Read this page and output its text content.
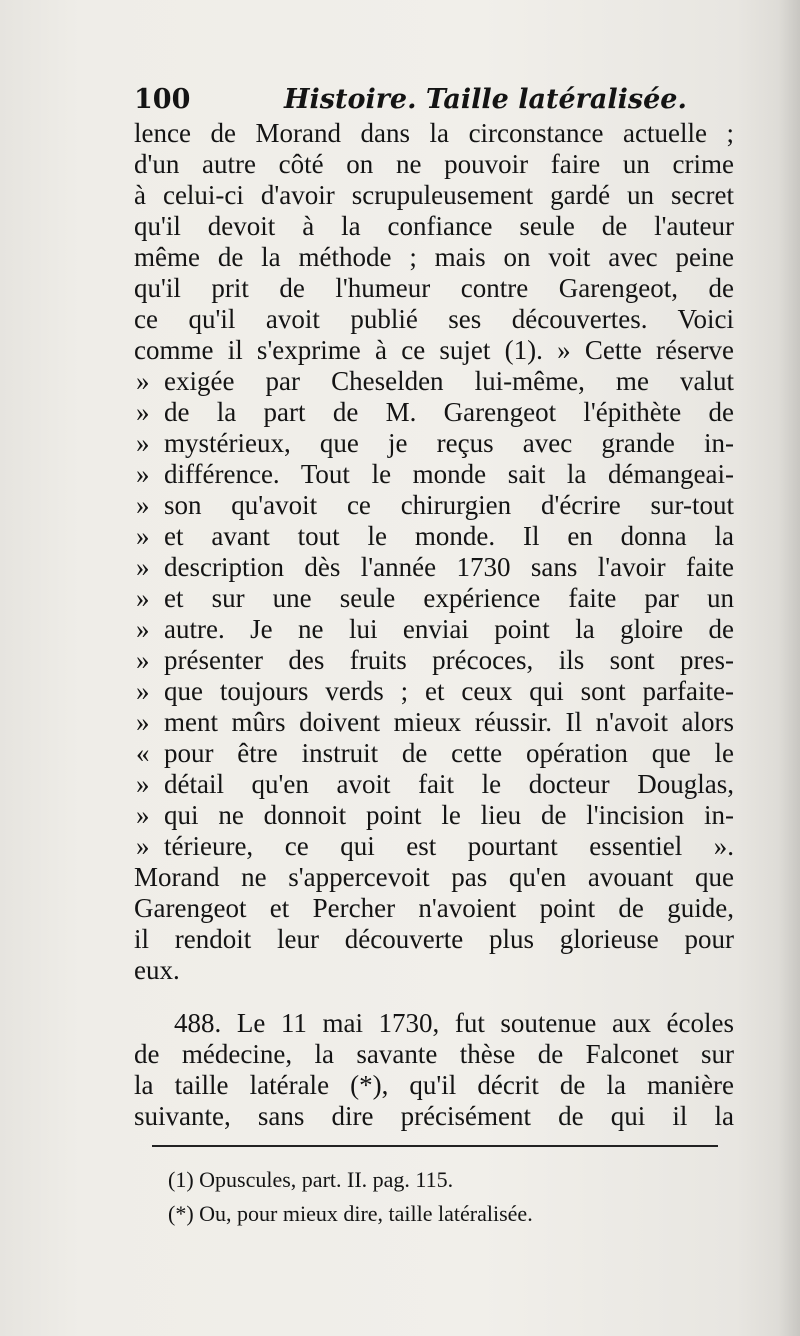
100	Histoire. Taille latéralisée.
lence de Morand dans la circonstance actuelle ;
d'un autre côté on ne pouvoir faire un crime
à celui-ci d'avoir scrupuleusement gardé un secret
qu'il devoit à la confiance seule de l'auteur
même de la méthode ; mais on voit avec peine
qu'il prit de l'humeur contre Garengeot, de
ce qu'il avoit publié ses découvertes. Voici
comme il s'exprime à ce sujet (1). » Cette réserve
» exigée par Cheselden lui-même, me valut
» de la part de M. Garengeot l'épithète de
» mystérieux, que je reçus avec grande in-
» différence. Tout le monde sait la démangeai-
» son qu'avoit ce chirurgien d'écrire sur-tout
» et avant tout le monde. Il en donna la
» description dès l'année 1730 sans l'avoir faite
» et sur une seule expérience faite par un
» autre. Je ne lui enviai point la gloire de
» présenter des fruits précoces, ils sont pres-
» que toujours verds ; et ceux qui sont parfaite-
» ment mûrs doivent mieux réussir. Il n'avoit alors
« pour être instruit de cette opération que le
» détail qu'en avoit fait le docteur Douglas,
» qui ne donnoit point le lieu de l'incision in-
» térieure, ce qui est pourtant essentiel ».
Morand ne s'appercevoit pas qu'en avouant que
Garengeot et Percher n'avoient point de guide,
il rendoit leur découverte plus glorieuse pour
eux.
488. Le 11 mai 1730, fut soutenue aux écoles
de médecine, la savante thèse de Falconet sur
la taille latérale (*), qu'il décrit de la manière
suivante, sans dire précisément de qui il la
(1) Opuscules, part. II. pag. 115.
(*) Ou, pour mieux dire, taille latéralisée.
